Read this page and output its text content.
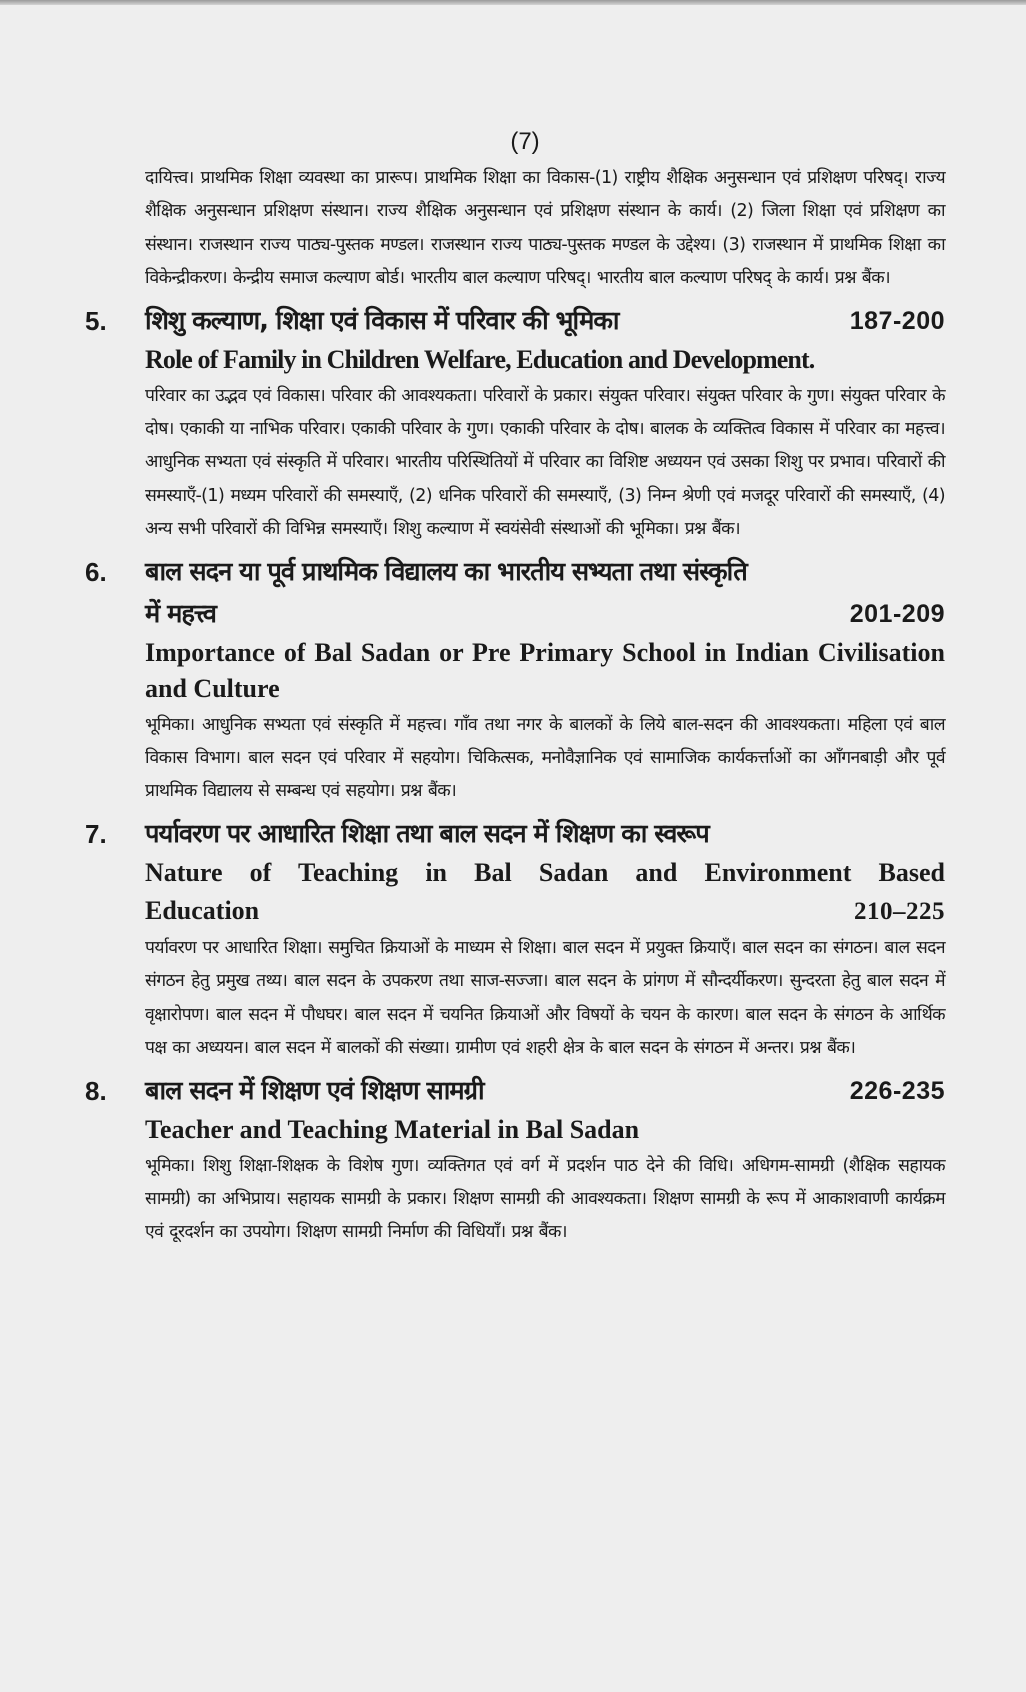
(7)
दायित्त्व। प्राथमिक शिक्षा व्यवस्था का प्रारूप। प्राथमिक शिक्षा का विकास-(1) राष्ट्रीय शैक्षिक अनुसन्धान एवं प्रशिक्षण परिषद्। राज्य शैक्षिक अनुसन्धान प्रशिक्षण संस्थान। राज्य शैक्षिक अनुसन्धान एवं प्रशिक्षण संस्थान के कार्य। (2) जिला शिक्षा एवं प्रशिक्षण का संस्थान। राजस्थान राज्य पाठ्य-पुस्तक मण्डल। राजस्थान राज्य पाठ्य-पुस्तक मण्डल के उद्देश्य। (3) राजस्थान में प्राथमिक शिक्षा का विकेन्द्रीकरण। केन्द्रीय समाज कल्याण बोर्ड। भारतीय बाल कल्याण परिषद्। भारतीय बाल कल्याण परिषद् के कार्य। प्रश्न बैंक।
5. शिशु कल्याण, शिक्षा एवं विकास में परिवार की भूमिका	187-200
Role of Family in Children Welfare, Education and Development.
परिवार का उद्भव एवं विकास। परिवार की आवश्यकता। परिवारों के प्रकार। संयुक्त परिवार। संयुक्त परिवार के गुण। संयुक्त परिवार के दोष। एकाकी या नाभिक परिवार। एकाकी परिवार के गुण। एकाकी परिवार के दोष। बालक के व्यक्तित्व विकास में परिवार का महत्त्व। आधुनिक सभ्यता एवं संस्कृति में परिवार। भारतीय परिस्थितियों में परिवार का विशिष्ट अध्ययन एवं उसका शिशु पर प्रभाव। परिवारों की समस्याएँ-(1) मध्यम परिवारों की समस्याएँ, (2) धनिक परिवारों की समस्याएँ, (3) निम्न श्रेणी एवं मजदूर परिवारों की समस्याएँ, (4) अन्य सभी परिवारों की विभिन्न समस्याएँ। शिशु कल्याण में स्वयंसेवी संस्थाओं की भूमिका। प्रश्न बैंक।
6. बाल सदन या पूर्व प्राथमिक विद्यालय का भारतीय सभ्यता तथा संस्कृति
में महत्त्व	201-209
Importance of Bal Sadan or Pre Primary School in Indian Civilisation and Culture
भूमिका। आधुनिक सभ्यता एवं संस्कृति में महत्त्व। गाँव तथा नगर के बालकों के लिये बाल-सदन की आवश्यकता। महिला एवं बाल विकास विभाग। बाल सदन एवं परिवार में सहयोग। चिकित्सक, मनोवैज्ञानिक एवं सामाजिक कार्यकर्त्ताओं का आँगनबाड़ी और पूर्व प्राथमिक विद्यालय से सम्बन्ध एवं सहयोग। प्रश्न बैंक।
7. पर्यावरण पर आधारित शिक्षा तथा बाल सदन में शिक्षण का स्वरूप
Nature of Teaching in Bal Sadan and Environment Based
Education	210–225
पर्यावरण पर आधारित शिक्षा। समुचित क्रियाओं के माध्यम से शिक्षा। बाल सदन में प्रयुक्त क्रियाएँ। बाल सदन का संगठन। बाल सदन संगठन हेतु प्रमुख तथ्य। बाल सदन के उपकरण तथा साज-सज्जा। बाल सदन के प्रांगण में सौन्दर्यीकरण। सुन्दरता हेतु बाल सदन में वृक्षारोपण। बाल सदन में पौधघर। बाल सदन में चयनित क्रियाओं और विषयों के चयन के कारण। बाल सदन के संगठन के आर्थिक पक्ष का अध्ययन। बाल सदन में बालकों की संख्या। ग्रामीण एवं शहरी क्षेत्र के बाल सदन के संगठन में अन्तर। प्रश्न बैंक।
8. बाल सदन में शिक्षण एवं शिक्षण सामग्री	226-235
Teacher and Teaching Material in Bal Sadan
भूमिका। शिशु शिक्षा-शिक्षक के विशेष गुण। व्यक्तिगत एवं वर्ग में प्रदर्शन पाठ देने की विधि। अधिगम-सामग्री (शैक्षिक सहायक सामग्री) का अभिप्राय। सहायक सामग्री के प्रकार। शिक्षण सामग्री की आवश्यकता। शिक्षण सामग्री के रूप में आकाशवाणी कार्यक्रम एवं दूरदर्शन का उपयोग। शिक्षण सामग्री निर्माण की विधियाँ। प्रश्न बैंक।
